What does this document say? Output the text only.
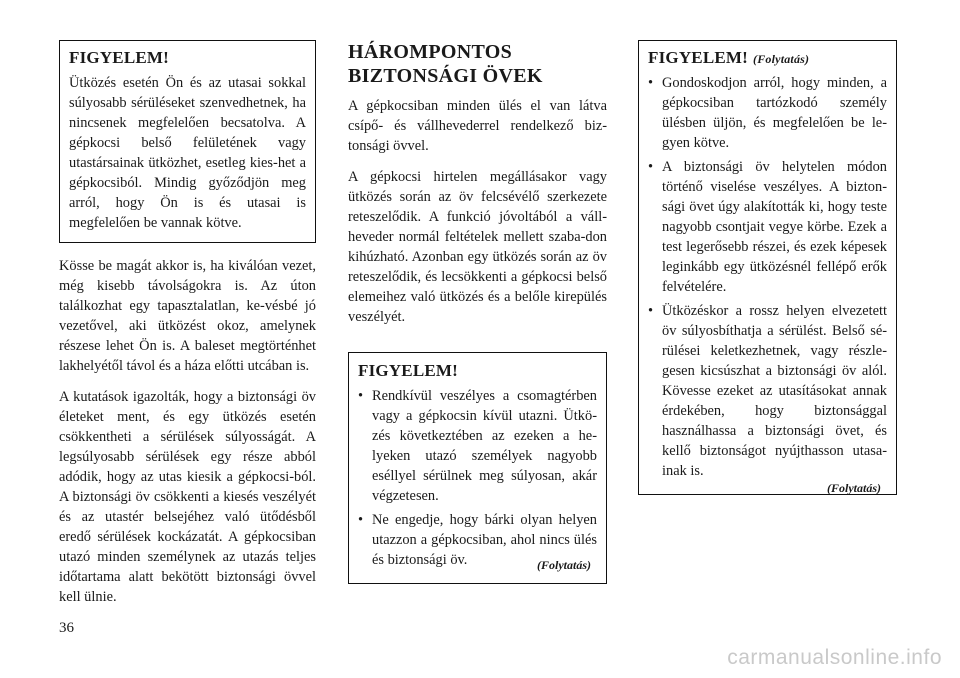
FIGYELEM!

Ütközés esetén Ön és az utasai sokkal súlyosabb sérüléseket szenvedhetnek, ha nincsenek megfelelően becsatolva. A gépkocsi belső felületének vagy utastársainak ütközhet, esetleg kies-het a gépkocsiból. Mindig győződjön meg arról, hogy Ön is és utasai is megfelelően be vannak kötve.

Kösse be magát akkor is, ha kiválóan vezet, még kisebb távolságokra is. Az úton találkozhat egy tapasztalatlan, ke-vésbé jó vezetővel, aki ütközést okoz, amelynek részese lehet Ön is. A baleset megtörténhet lakhelyétől távol és a háza előtti utcában is.

A kutatások igazolták, hogy a biztonsági öv életeket ment, és egy ütközés esetén csökkentheti a sérülések súlyosságát. A legsúlyosabb sérülések egy része abból adódik, hogy az utas kiesik a gépkocsi-ból. A biztonsági öv csökkenti a kiesés veszélyét és az utastér belsejéhez való ütődésből eredő sérülések kockázatát. A gépkocsiban utazó minden személynek az utazás teljes időtartama alatt bekötött biztonsági övvel kell ülnie.

HÁROMPONTOS
BIZTONSÁGI ÖVEK

A gépkocsiban minden ülés el van látva csípő- és vállhevederrel rendelkező biz-tonsági övvel.

A gépkocsi hirtelen megállásakor vagy ütközés során az öv felcsévélő szerkezete reteszelődik. A funkció jóvoltából a váll-heveder normál feltételek mellett szaba-don kihúzható. Azonban egy ütközés során az öv reteszelődik, és lecsökkenti a gépkocsi belső elemeihez való ütközés és a belőle kirepülés veszélyét.

FIGYELEM!

• Rendkívül veszélyes a csomagtérben vagy a gépkocsin kívül utazni. Ütkö-zés következtében az ezeken a he-lyeken utazó személyek nagyobb eséllyel sérülnek meg súlyosan, akár végzetesen.
• Ne engedje, hogy bárki olyan helyen utazzon a gépkocsiban, ahol nincs ülés és biztonsági öv.	(Folytatás)

FIGYELEM! (Folytatás)

• Gondoskodjon arról, hogy minden, a gépkocsiban tartózkodó személy ülésben üljön, és megfelelően be le-gyen kötve.
• A biztonsági öv helytelen módon történő viselése veszélyes. A bizton-sági övet úgy alakították ki, hogy teste nagyobb csontjait vegye körbe. Ezek a test legerősebb részei, és ezek képesek leginkább egy ütközésnél fellépő erők felvételére.
• Ütközéskor a rossz helyen elvezetett öv súlyosbíthatja a sérülést. Belső sé-rülései keletkezhetnek, vagy részle-gesen kicsúszhat a biztonsági öv alól. Kövesse ezeket az utasításokat annak érdekében, hogy biztonsággal használhassa a biztonsági övet, és kellő biztonságot nyújthasson utasa-inak is.
(Folytatás)
36
carmanualsonline.info
